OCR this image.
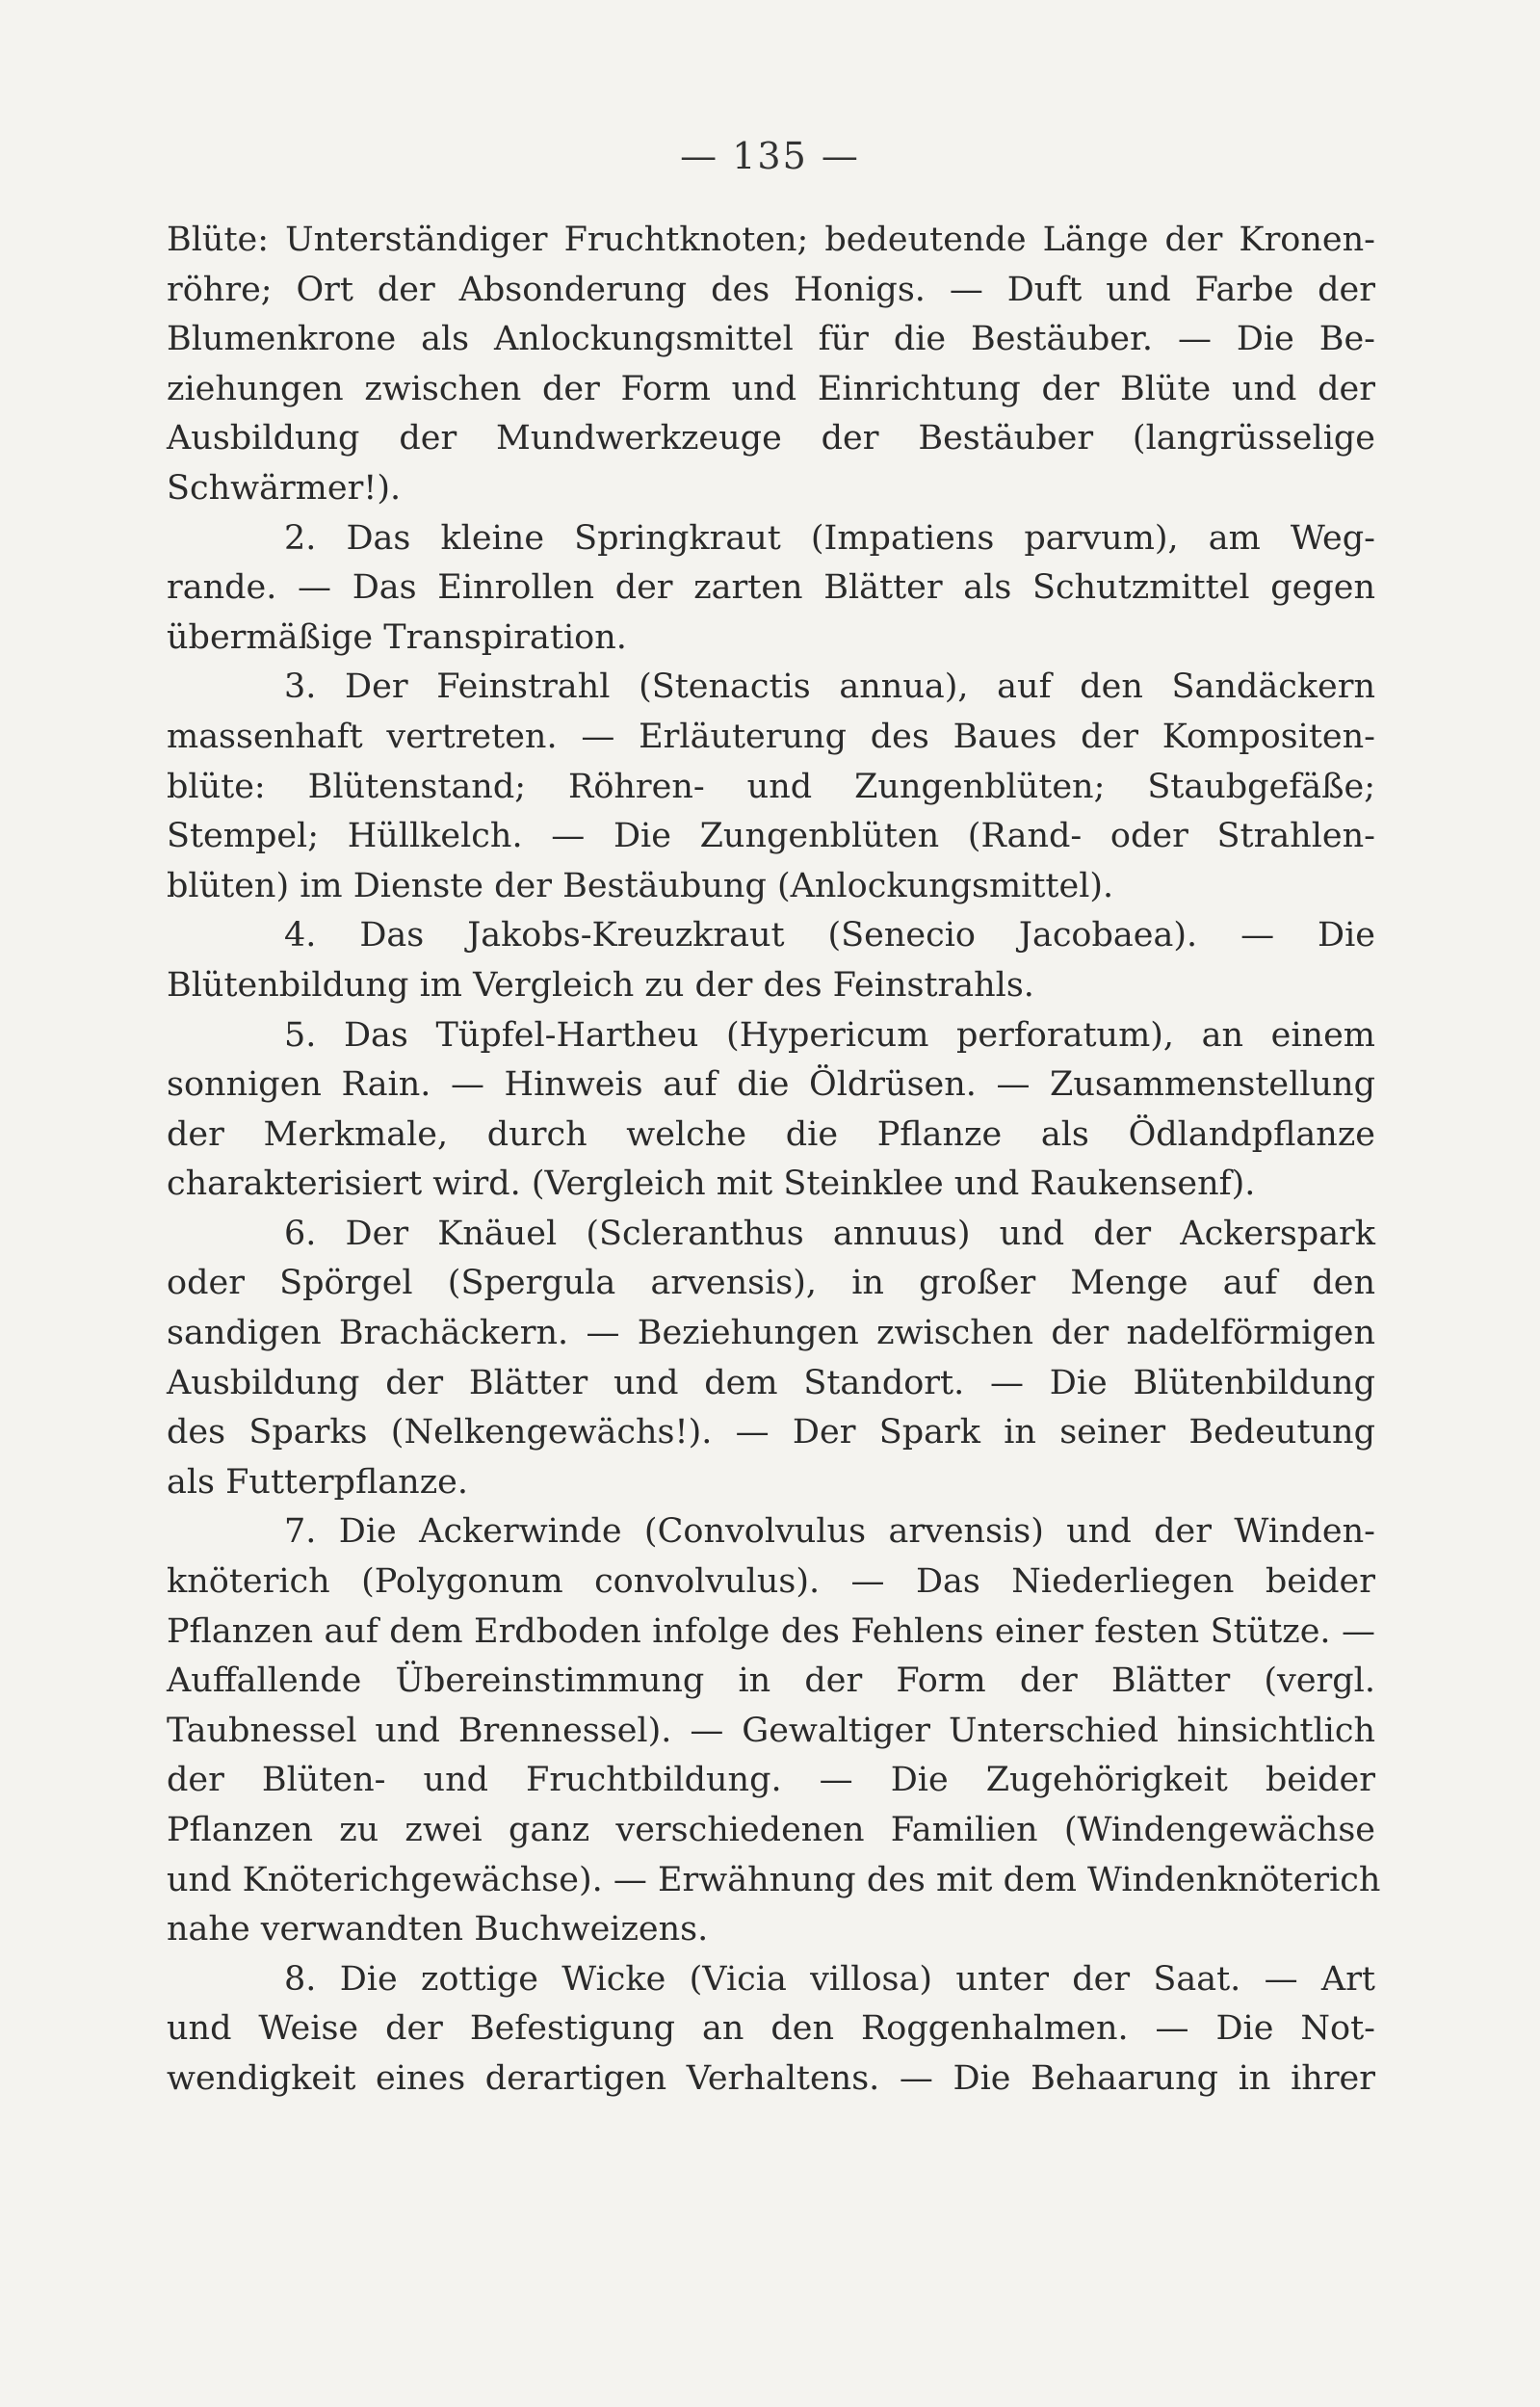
— 135 —
Blüte: Unterständiger Fruchtknoten; bedeutende Länge der Kronen-
röhre; Ort der Absonderung des Honigs. — Duft und Farbe der
Blumenkrone als Anlockungsmittel für die Bestäuber. — Die Be-
ziehungen zwischen der Form und Einrichtung der Blüte und der
Ausbildung der Mundwerkzeuge der Bestäuber (langrüsselige
Schwärmer!).
2. Das kleine Springkraut (Impatiens parvum), am Weg-
rande. — Das Einrollen der zarten Blätter als Schutzmittel gegen
übermäßige Transpiration.
3. Der Feinstrahl (Stenactis annua), auf den Sandäckern
massenhaft vertreten. — Erläuterung des Baues der Kompositen-
blüte: Blütenstand; Röhren- und Zungenblüten; Staubgefäße;
Stempel; Hüllkelch. — Die Zungenblüten (Rand- oder Strahlen-
blüten) im Dienste der Bestäubung (Anlockungsmittel).
4. Das Jakobs-Kreuzkraut (Senecio Jacobaea). — Die
Blütenbildung im Vergleich zu der des Feinstrahls.
5. Das Tüpfel-Hartheu (Hypericum perforatum), an einem
sonnigen Rain. — Hinweis auf die Öldrüsen. — Zusammenstellung
der Merkmale, durch welche die Pflanze als Ödlandpflanze
charakterisiert wird. (Vergleich mit Steinklee und Raukensenf).
6. Der Knäuel (Scleranthus annuus) und der Ackerspark
oder Spörgel (Spergula arvensis), in großer Menge auf den
sandigen Brachäckern. — Beziehungen zwischen der nadelförmigen
Ausbildung der Blätter und dem Standort. — Die Blütenbildung
des Sparks (Nelkengewächs!). — Der Spark in seiner Bedeutung
als Futterpflanze.
7. Die Ackerwinde (Convolvulus arvensis) und der Winden-
knöterich (Polygonum convolvulus). — Das Niederliegen beider
Pflanzen auf dem Erdboden infolge des Fehlens einer festen Stütze. —
Auffallende Übereinstimmung in der Form der Blätter (vergl.
Taubnessel und Brennessel). — Gewaltiger Unterschied hinsichtlich
der Blüten- und Fruchtbildung. — Die Zugehörigkeit beider
Pflanzen zu zwei ganz verschiedenen Familien (Windengewächse
und Knöterichgewächse). — Erwähnung des mit dem Windenknöterich
nahe verwandten Buchweizens.
8. Die zottige Wicke (Vicia villosa) unter der Saat. — Art
und Weise der Befestigung an den Roggenhalmen. — Die Not-
wendigkeit eines derartigen Verhaltens. — Die Behaarung in ihrer
